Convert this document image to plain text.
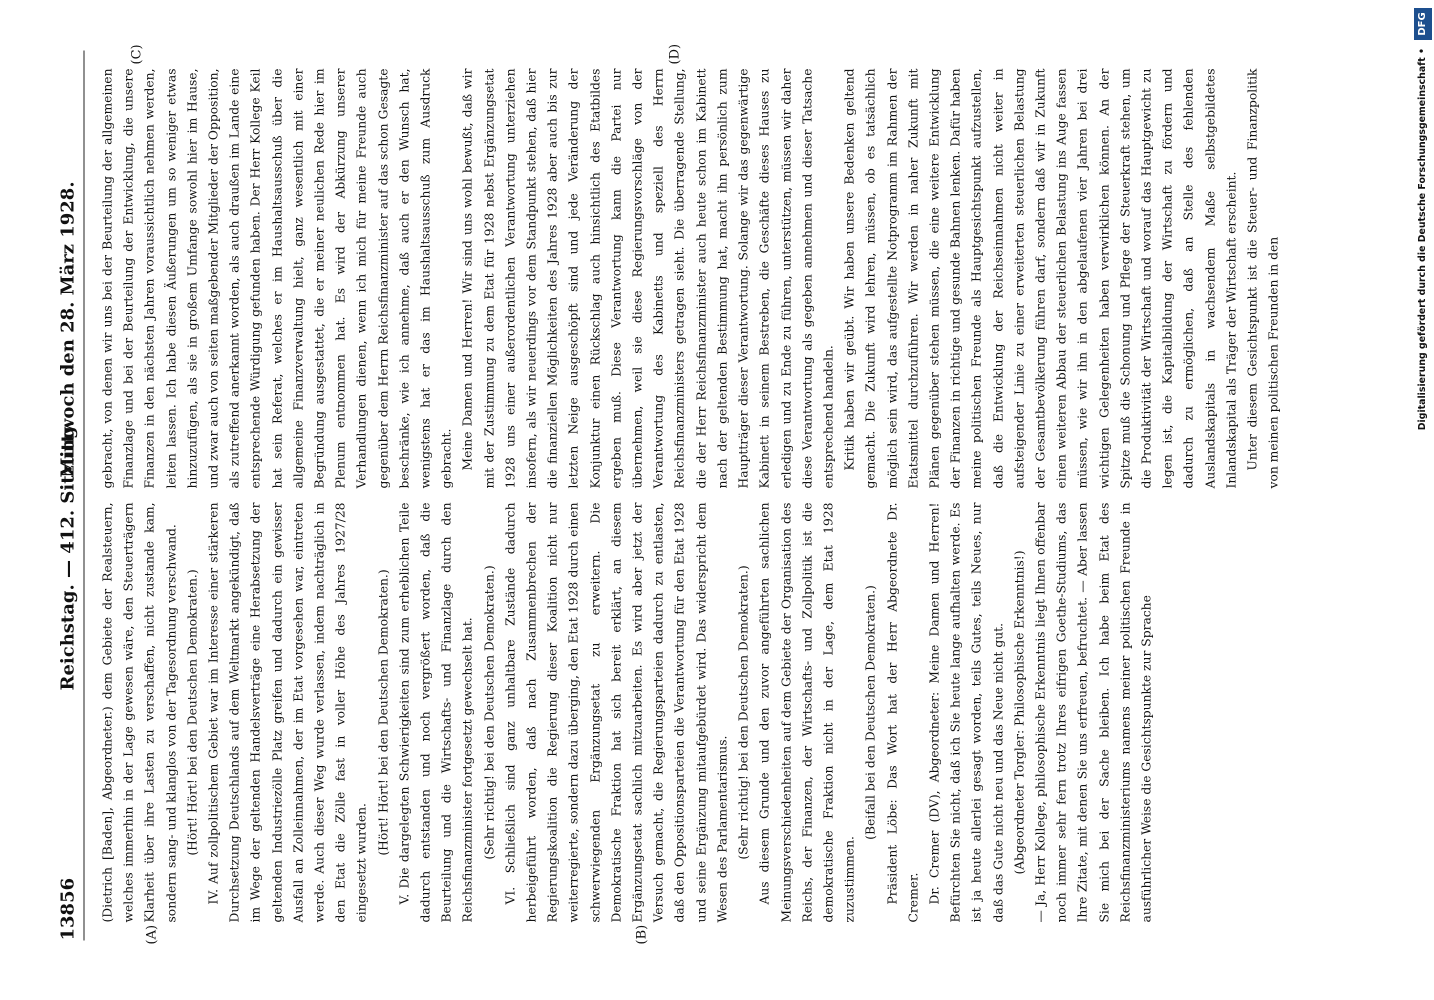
13856
Reichstag. — 412. Sitzung.
Mittwoch den 28. März 1928.
(A)	(B)
(C)	(D)

(Dietrich [Baden], Abgeordneter.) dem Gebiete der Realsteuern, welches immerhin in der Lage gewesen wäre, den Steuerträgern Klarheit über ihre Lasten zu verschaffen, nicht zustande kam, sondern sang- und klanglos von der Tagesordnung verschwand. (Hört! Hört! bei den Deutschen Demokraten.) IV. Auf zollpolitischem Gebiet war im Interesse einer stärkeren Durchsetzung Deutschlands auf dem Weltmarkt angekündigt, daß im Wege der geltenden Handelsverträge eine Herabsetzung der geltenden Industriezölle Platz greifen und dadurch ein gewisser Ausfall an Zolleinnahmen, der im Etat vorgesehen war, eintreten werde. Auch dieser Weg wurde verlassen, indem nachträglich in den Etat die Zölle fast in voller Höhe des Jahres 1927/28 eingesetzt wurden.

(Hört! Hört! bei den Deutschen Demokraten.) V. Die dargelegten Schwierigkeiten sind zum erheblichen Teile dadurch entstanden und noch vergrößert worden, daß die Beurteilung und die Wirtschafts- und Finanzlage durch den Reichsfinanzminister fortgesetzt gewechselt hat. (Sehr richtig! bei den Deutschen Demokraten.) VI. Schließlich sind ganz unhaltbare Zustände dadurch herbeigeführt worden, daß nach Zusammenbrechen der Regierungskoalition die Regierung dieser Koalition nicht nur weiterregierte, sondern dazu überging, den Etat 1928 durch einen schwerwiegenden Ergänzungsetat zu erweitern. Die Demokratische Fraktion hat sich bereit erklärt, an diesem Ergänzungsetat sachlich mitzuarbeiten. Es wird aber jetzt der Versuch gemacht, die Regierungsparteien dadurch zu entlasten, daß den Oppositionsparteien die Verantwortung für den Etat 1928 und seine Ergänzung mitaufgebürdet wird. Das widerspricht dem Wesen des Parlamentarismus. (Sehr richtig! bei den Deutschen Demokraten.) Aus diesem Grunde und den zuvor angeführten sachlichen Meinungsverschiedenheiten auf dem Gebiete der Organisation des Reichs, der Finanzen, der Wirtschafts- und Zollpolitik ist die demokratische Fraktion nicht in der Lage, dem Etat 1928 zuzustimmen.

(Beifall bei den Deutschen Demokraten.) Präsident Löbe: Das Wort hat der Herr Abgeordnete Dr. Cremer. Dr. Cremer (DV), Abgeordneter: Meine Damen und Herren! Befürchten Sie nicht, daß ich Sie heute lange aufhalten werde. Es ist ja heute allerlei gesagt worden, teils Gutes, teils Neues, nur daß das Gute nicht neu und das Neue nicht gut. (Abgeordneter Torgler: Philosophische Erkenntnis!) — Ja, Herr Kollege, philosophische Erkenntnis liegt Ihnen offenbar noch immer sehr fern trotz Ihres eifrigen Goethe-Studiums, das Ihre Zitate, mit denen Sie uns erfreuen, befruchtet. — Aber lassen Sie mich bei der Sache bleiben. Ich habe beim Etat des Reichsfinanzministeriums namens meiner politischen Freunde in ausführlicher Weise die Gesichtspunkte zur Sprache

gebracht, von denen wir uns bei der Beurteilung der allgemeinen Finanzlage und bei der Beurteilung der Entwicklung, die unsere Finanzen in den nächsten Jahren voraussichtlich nehmen werden, leiten lassen. Ich habe diesen Äußerungen um so weniger etwas hinzuzufügen, als sie in großem Umfange sowohl hier im Hause, und zwar auch von seiten maßgebender Mitglieder der Opposition, als zutreffend anerkannt worden, als auch draußen im Lande eine entsprechende Würdigung gefunden haben. Der Herr Kollege Keil hat sein Referat, welches er im Haushaltsausschuß über die allgemeine Finanzverwaltung hielt, ganz wesentlich mit einer Begründung ausgestattet, die er meiner neulichen Rede hier im Plenum entnommen hat. Es wird der Abkürzung unserer Verhandlungen dienen, wenn ich mich für meine Freunde auch gegenüber dem Herrn Reichsfinanzminister auf das schon Gesagte beschränke, wie ich annehme, daß auch er den Wunsch hat, wenigstens hat er das im Haushaltsausschuß zum Ausdruck gebracht. Meine Damen und Herren! Wir sind uns wohl bewußt, daß wir mit der Zustimmung zu dem Etat für 1928 nebst Ergänzungsetat 1928 uns einer außerordentlichen Verantwortung unterziehen insofern, als wir neuerdings vor dem Standpunkt stehen, daß hier die finanziellen Möglichkeiten des Jahres 1928 aber auch bis zur letzten Neige ausgeschöpft sind und jede Veränderung der Konjunktur einen Rückschlag auch hinsichtlich des Etatbildes ergeben muß. Diese Verantwortung kann die Partei nur übernehmen, weil sie diese Regierungsvorschläge von der Verantwortung des Kabinetts und speziell des Herrn Reichsfinanzministers getragen sieht. Die überragende Stellung, die der Herr Reichsfinanzminister auch heute schon im Kabinett nach der geltenden Bestimmung hat, macht ihn persönlich zum Hauptträger dieser Verantwortung. Solange wir das gegenwärtige Kabinett in seinem Bestreben, die Geschäfte dieses Hauses zu erledigen und zu Ende zu führen, unterstützen, müssen wir daher diese Verantwortung als gegeben annehmen und dieser Tatsache entsprechend handeln. Kritik haben wir geübt. Wir haben unsere Bedenken geltend gemacht. Die Zukunft wird lehren, müssen, ob es tatsächlich möglich sein wird, das aufgestellte Notprogramm im Rahmen der Etatsmittel durchzuführen. Wir werden in naher Zukunft mit Plänen gegenüber stehen müssen, die eine weitere Entwicklung der Finanzen in richtige und gesunde Bahnen lenken. Dafür haben meine politischen Freunde als Hauptgesichtspunkt aufzustellen, daß die Entwicklung der Reichseinnahmen nicht weiter in aufsteigender Linie zu einer erweiterten steuerlichen Belastung der Gesamtbevölkerung führen darf, sondern daß wir in Zukunft einen weiteren Abbau der steuerlichen Belastung ins Auge fassen müssen, wie wir ihn in den abgelaufenen vier Jahren bei drei wichtigen Gelegenheiten haben verwirklichen können. An der Spitze muß die Schonung und Pflege der Steuerkraft stehen, um die Produktivität der Wirtschaft und worauf das Hauptgewicht zu legen ist, die Kapitalbildung der Wirtschaft zu fördern und dadurch zu ermöglichen, daß an Stelle des fehlenden Auslandskapitals in wachsendem Maße selbstgebildetes Inlandskapital als Träger der Wirtschaft erscheint. Unter diesem Gesichtspunkt ist die Steuer- und Finanzpolitik von meinen politischen Freunden in den	Digitalisierung gefördert durch die Deutsche Forschungsgemeinschaft •
DFG
